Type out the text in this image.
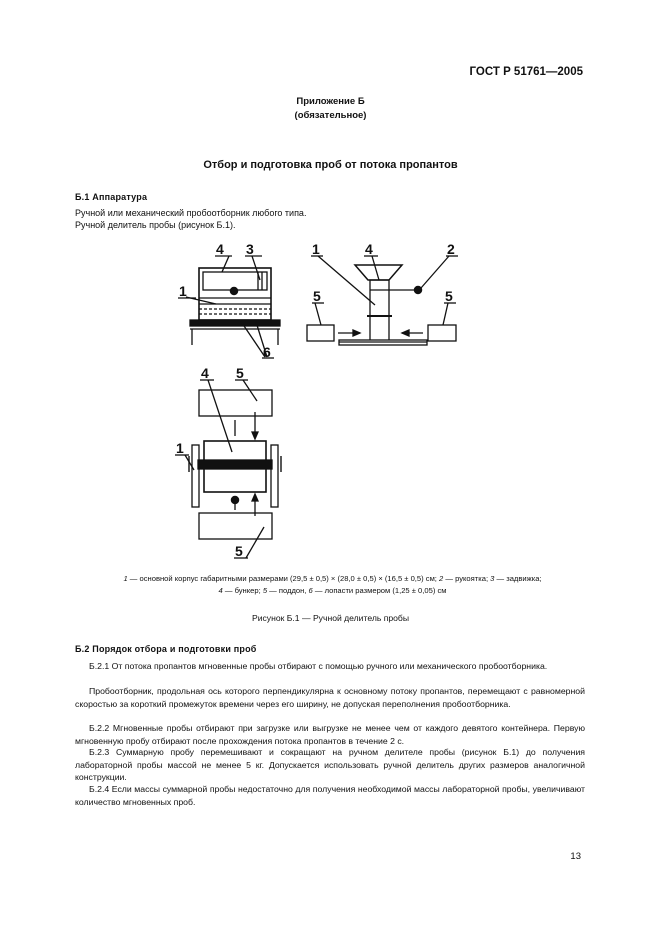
ГОСТ Р 51761—2005
Приложение Б
(обязательное)
Отбор и подготовка проб от потока пропантов
Б.1 Аппаратура
Ручной или механический пробоотборник любого типа.
Ручной делитель пробы (рисунок Б.1).
4 3
1
6
1	4	2
5	5
4 5
1
5
1 — основной корпус габаритными размерами (29,5 ± 0,5) × (28,0 ± 0,5) × (16,5 ± 0,5) см; 2 — рукоятка; 3 — задвижка;
4 — бункер; 5 — поддон, 6 — лопасти размером (1,25 ± 0,05) см
Рисунок Б.1 — Ручной делитель пробы
Б.2 Порядок отбора и подготовки проб
Б.2.1 От потока пропантов мгновенные пробы отбирают с помощью ручного или механического пробоотборника.
Пробоотборник, продольная ось которого перпендикулярна к основному потоку пропантов, перемещают с равномерной скоростью за короткий промежуток времени через его ширину, не допуская переполнения пробоотборника.
Б.2.2 Мгновенные пробы отбирают при загрузке или выгрузке не менее чем от каждого девятого контейнера. Первую мгновенную пробу отбирают после прохождения потока пропантов в течение 2 с.
Б.2.3 Суммарную пробу перемешивают и сокращают на ручном делителе пробы (рисунок Б.1) до получения лабораторной пробы массой не менее 5 кг. Допускается использовать ручной делитель других размеров аналогичной конструкции.
Б.2.4 Если массы суммарной пробы недостаточно для получения необходимой массы лабораторной пробы, увеличивают количество мгновенных проб.
13
